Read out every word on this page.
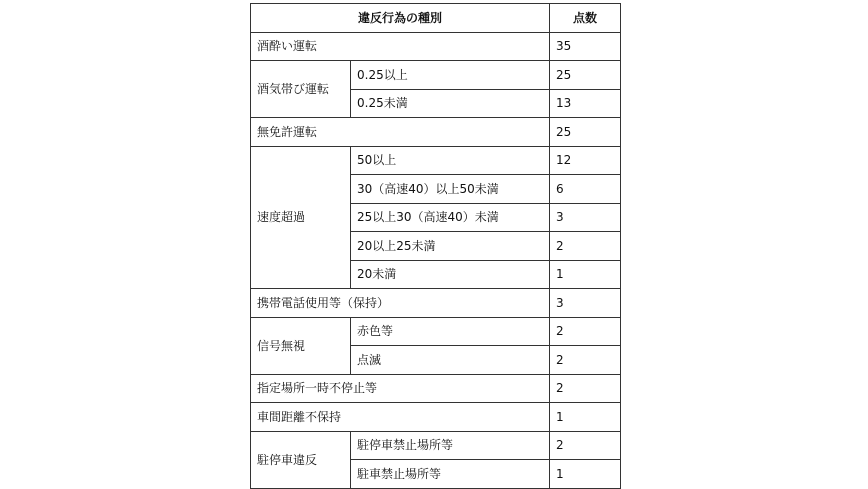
違反行為の種別		点数
酒酔い運転		35
酒気帯び運転	0.25以上	25
	0.25未満	13
無免許運転		25
速度超過	50以上	12
	30（高速40）以上50未満	6
	25以上30（高速40）未満	3
	20以上25未満	2
	20未満	1
携帯電話使用等（保持）		3
信号無視	赤色等	2
	点滅	2
指定場所一時不停止等		2
車間距離不保持		1
駐停車違反	駐停車禁止場所等	2
	駐車禁止場所等	1
